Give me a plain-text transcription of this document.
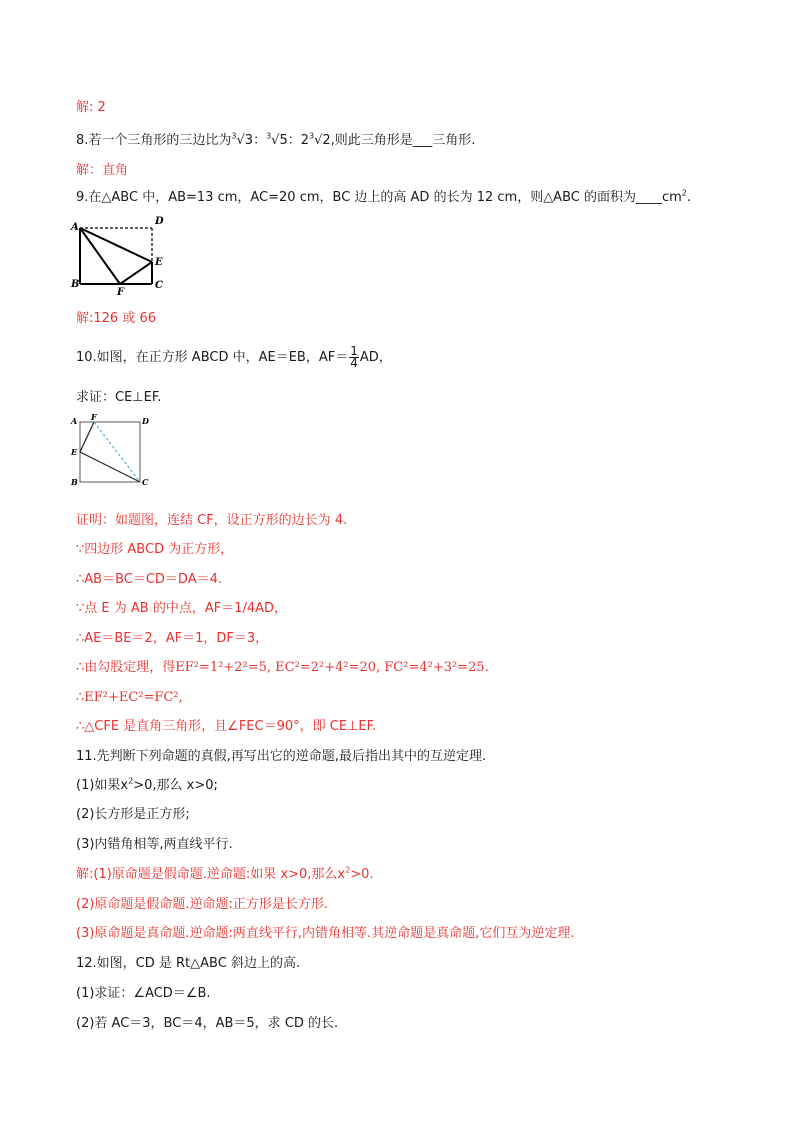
解: 2
8.若一个三角形的三边比为$^3$√3：$^3$√5：$2^3√2$,则此三角形是___三角形.
解：直角
9.在△ABC 中，AB=13 cm，AC=20 cm，BC 边上的高 AD 的长为 12 cm，则△ABC 的面积为$\_\_\_\_cm^2$.
A
D
B
F
C
E
解:126 或 66
10.如图，在正方形 ABCD 中，AE＝EB，$AF= \frac{1}{4}$ AD，
求证：CE⊥EF.
A F	D
E
B	C
证明：如题图，连结 CF，设正方形的边长为 4.
∵四边形 ABCD 为正方形，
∴AB＝BC＝CD＝DA＝4.
∵点 E 为 AB 的中点，AF＝1/4AD，
∴AE＝BE＝2，AF＝1，DF＝3，
∴由勾股定理，得EF²=1²+2²=5, EC²=2²+4²=20, FC²=4²+3²=25.
∴EF²+EC²=FC²,
∴△CFE 是直角三角形，且∠FEC＝90°，即 CE⊥EF.
11.先判断下列命题的真假,再写出它的逆命题,最后指出其中的互逆定理.
(1)如果$x^2>0$,那么 x>0;
(2)长方形是正方形;
(3)内错角相等,两直线平行.
解:(1)原命题是假命题.逆命题:如果 x>0,那么$x^2>0$.
(2)原命题是假命题.逆命题:正方形是长方形.
(3)原命题是真命题.逆命题:两直线平行,内错角相等.其逆命题是真命题,它们互为逆定理.
12.如图，CD 是 Rt△ABC 斜边上的高.
(1)求证：∠ACD＝∠B.
(2)若 AC＝3，BC＝4，AB＝5，求 CD 的长.
